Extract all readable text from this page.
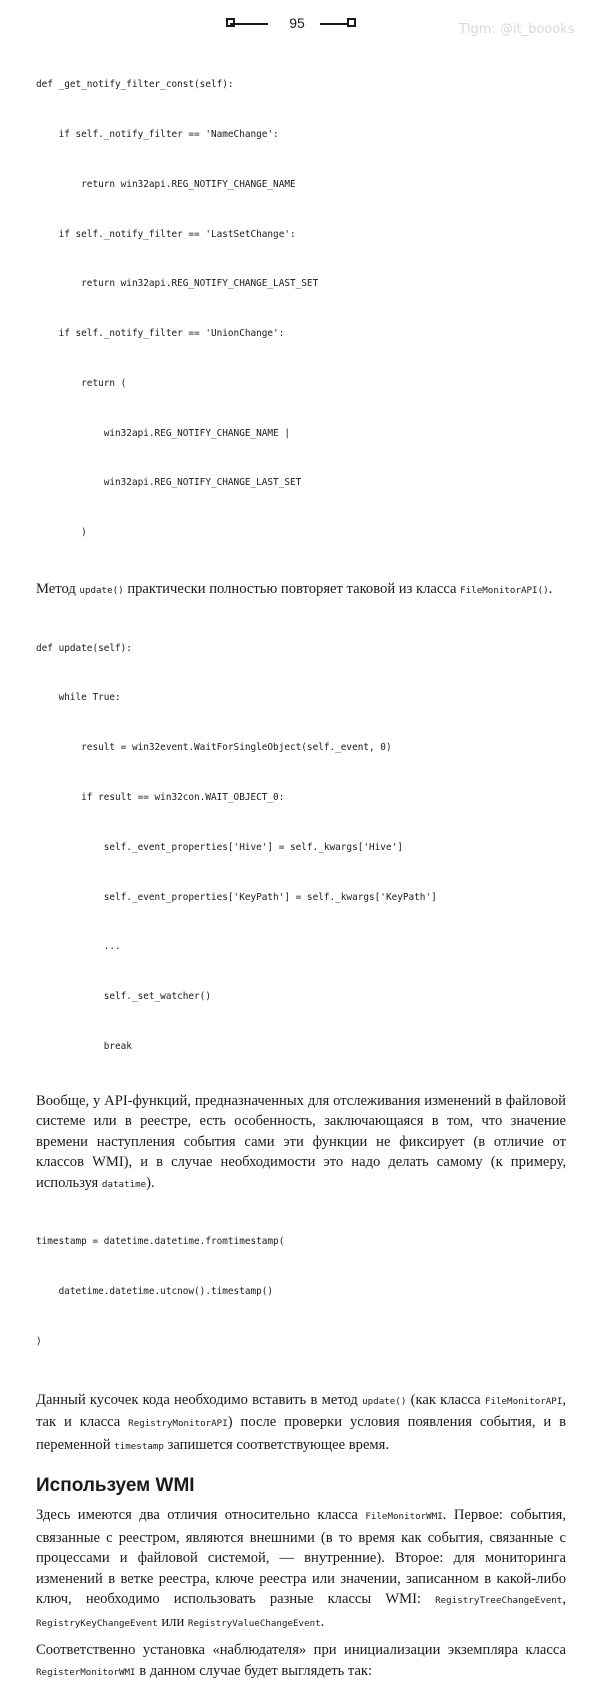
95	Tlgm: @it_boooks

def _get_notify_filter_const(self):

if self._notify_filter == 'NameChange':

return win32api.REG_NOTIFY_CHANGE_NAME

if self._notify_filter == 'LastSetChange':

return win32api.REG_NOTIFY_CHANGE_LAST_SET

if self._notify_filter == 'UnionChange':

return (

win32api.REG_NOTIFY_CHANGE_NAME |

win32api.REG_NOTIFY_CHANGE_LAST_SET

)

Метод update() практически полностью повторяет таковой из класса FileMonitorAPI().

def update(self):

while True:

result = win32event.WaitForSingleObject(self._event, 0)

if result == win32con.WAIT_OBJECT_0:

self._event_properties['Hive'] = self._kwargs['Hive']

self._event_properties['KeyPath'] = self._kwargs['KeyPath']

...

self._set_watcher()

break

Вообще, у API-функций, предназначенных для отслеживания изменений в файловой системе или в реестре, есть особенность, заключающаяся в том, что значение времени наступления события сами эти функции не фиксирует (в отличие от классов WMI), и в случае необходимости это надо делать самому (к примеру, используя datatime).

timestamp = datetime.datetime.fromtimestamp(

datetime.datetime.utcnow().timestamp()

)

Данный кусочек кода необходимо вставить в метод update() (как класса FileMonitorAPI, так и класса RegistryMonitorAPI) после проверки условия появления события, и в переменной timestamp запишется соответствующее время.

Используем WMI

Здесь имеются два отличия относительно класса FileMonitorWMI. Первое: события, связанные с реестром, являются внешними (в то время как события, связанные с процессами и файловой системой, — внутренние). Второе: для мониторинга изменений в ветке реестра, ключе реестра или значении, записанном в какой-либо ключ, необходимо использовать разные классы WMI: RegistryTreeChangeEvent, RegistryKeyChangeEvent или RegistryValueChangeEvent.

Соответственно установка «наблюдателя» при инициализации экземпляра класса RegisterMonitorWMI в данном случае будет выглядеть так:
